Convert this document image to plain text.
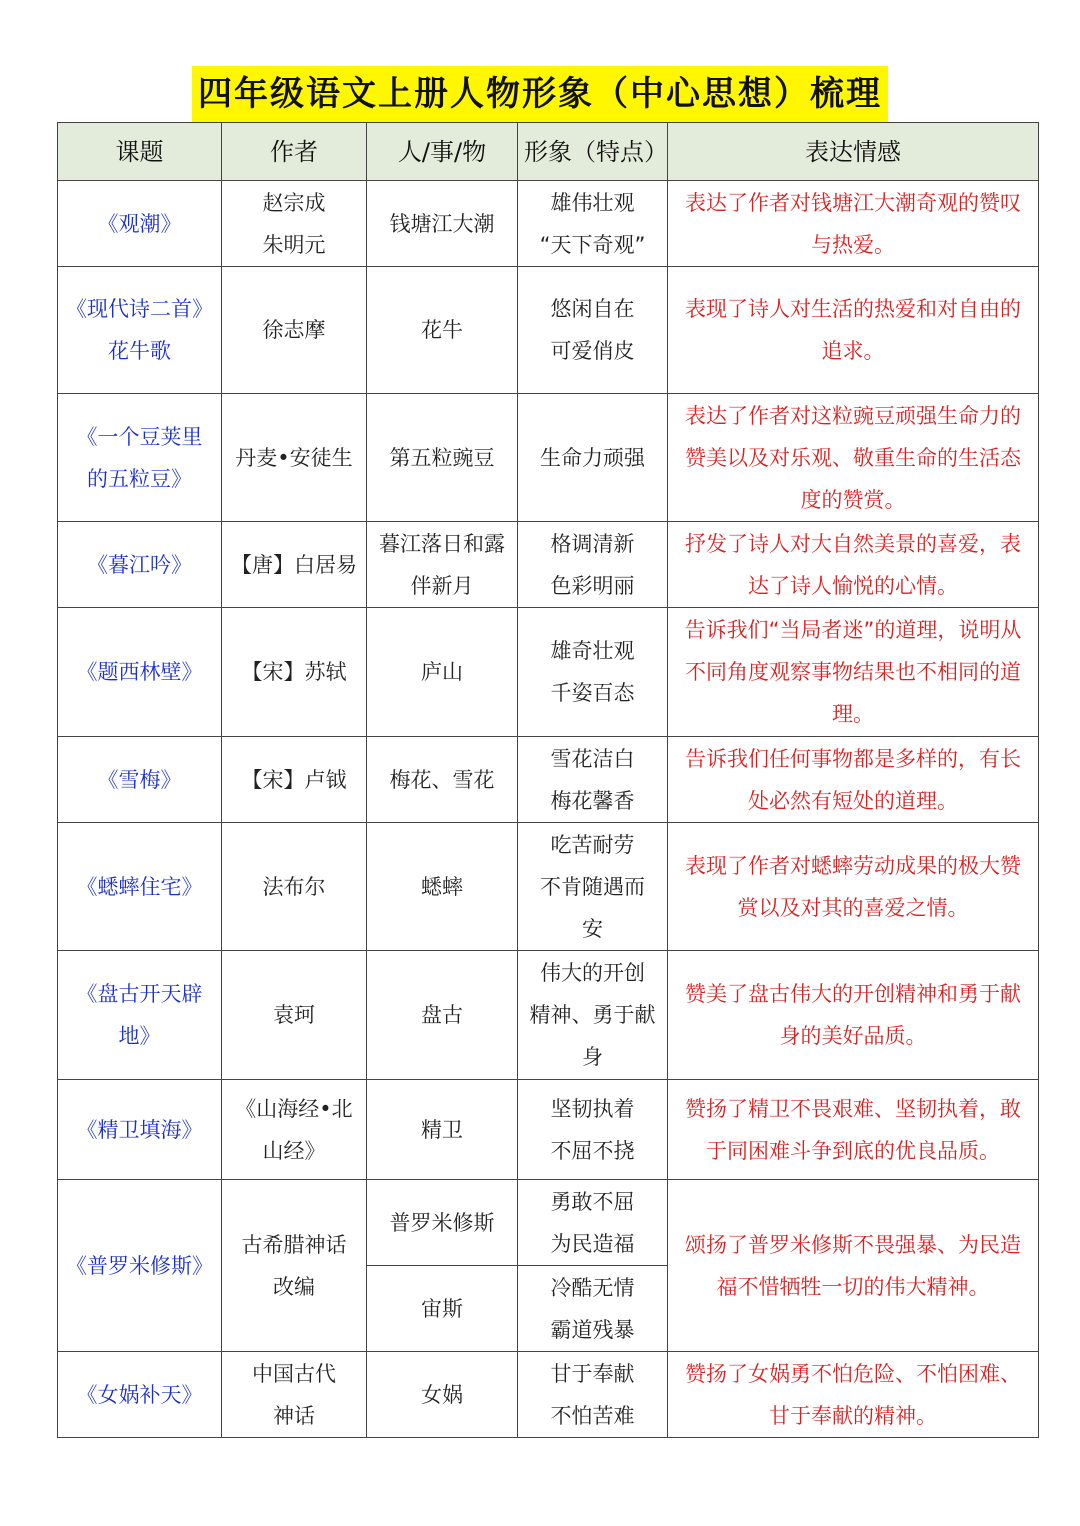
四年级语文上册人物形象（中心思想）梳理
课题	作者	人/事/物	形象（特点）	表达情感

《观潮》	赵宗成
朱明元	钱塘江大潮	雄伟壮观
“天下奇观”	表达了作者对钱塘江大潮奇观的赞叹与热爱。

《现代诗二首》
花牛歌	徐志摩	花牛	悠闲自在
可爱俏皮	表现了诗人对生活的热爱和对自由的追求。

《一个豆荚里
的五粒豆》	丹麦•安徒生	第五粒豌豆	生命力顽强	表达了作者对这粒豌豆顽强生命力的赞美以及对乐观、敬重生命的生活态度的赞赏。

《暮江吟》	【唐】白居易	暮江落日和露
伴新月	格调清新
色彩明丽	抒发了诗人对大自然美景的喜爱，表达了诗人愉悦的心情。

《题西林壁》	【宋】苏轼	庐山	雄奇壮观
千姿百态	告诉我们“当局者迷”的道理，说明从不同角度观察事物结果也不相同的道理。

《雪梅》	【宋】卢钺	梅花、雪花	雪花洁白
梅花馨香	告诉我们任何事物都是多样的，有长处必然有短处的道理。

《蟋蟀住宅》	法布尔	蟋蟀	吃苦耐劳
不肯随遇而
安	表现了作者对蟋蟀劳动成果的极大赞赏以及对其的喜爱之情。

《盘古开天辟
地》	袁珂	盘古	伟大的开创
精神、勇于献
身	赞美了盘古伟大的开创精神和勇于献身的美好品质。

《精卫填海》	《山海经•北
山经》	精卫	坚韧执着
不屈不挠	赞扬了精卫不畏艰难、坚韧执着，敢于同困难斗争到底的优良品质。

《普罗米修斯》	古希腊神话
改编	普罗米修斯	勇敢不屈
为民造福	颂扬了普罗米修斯不畏强暴、为民造福不惜牺牲一切的伟大精神。

		宙斯	冷酷无情
霸道残暴	

《女娲补天》	中国古代
神话	女娲	甘于奉献
不怕苦难	赞扬了女娲勇不怕危险、不怕困难、甘于奉献的精神。
